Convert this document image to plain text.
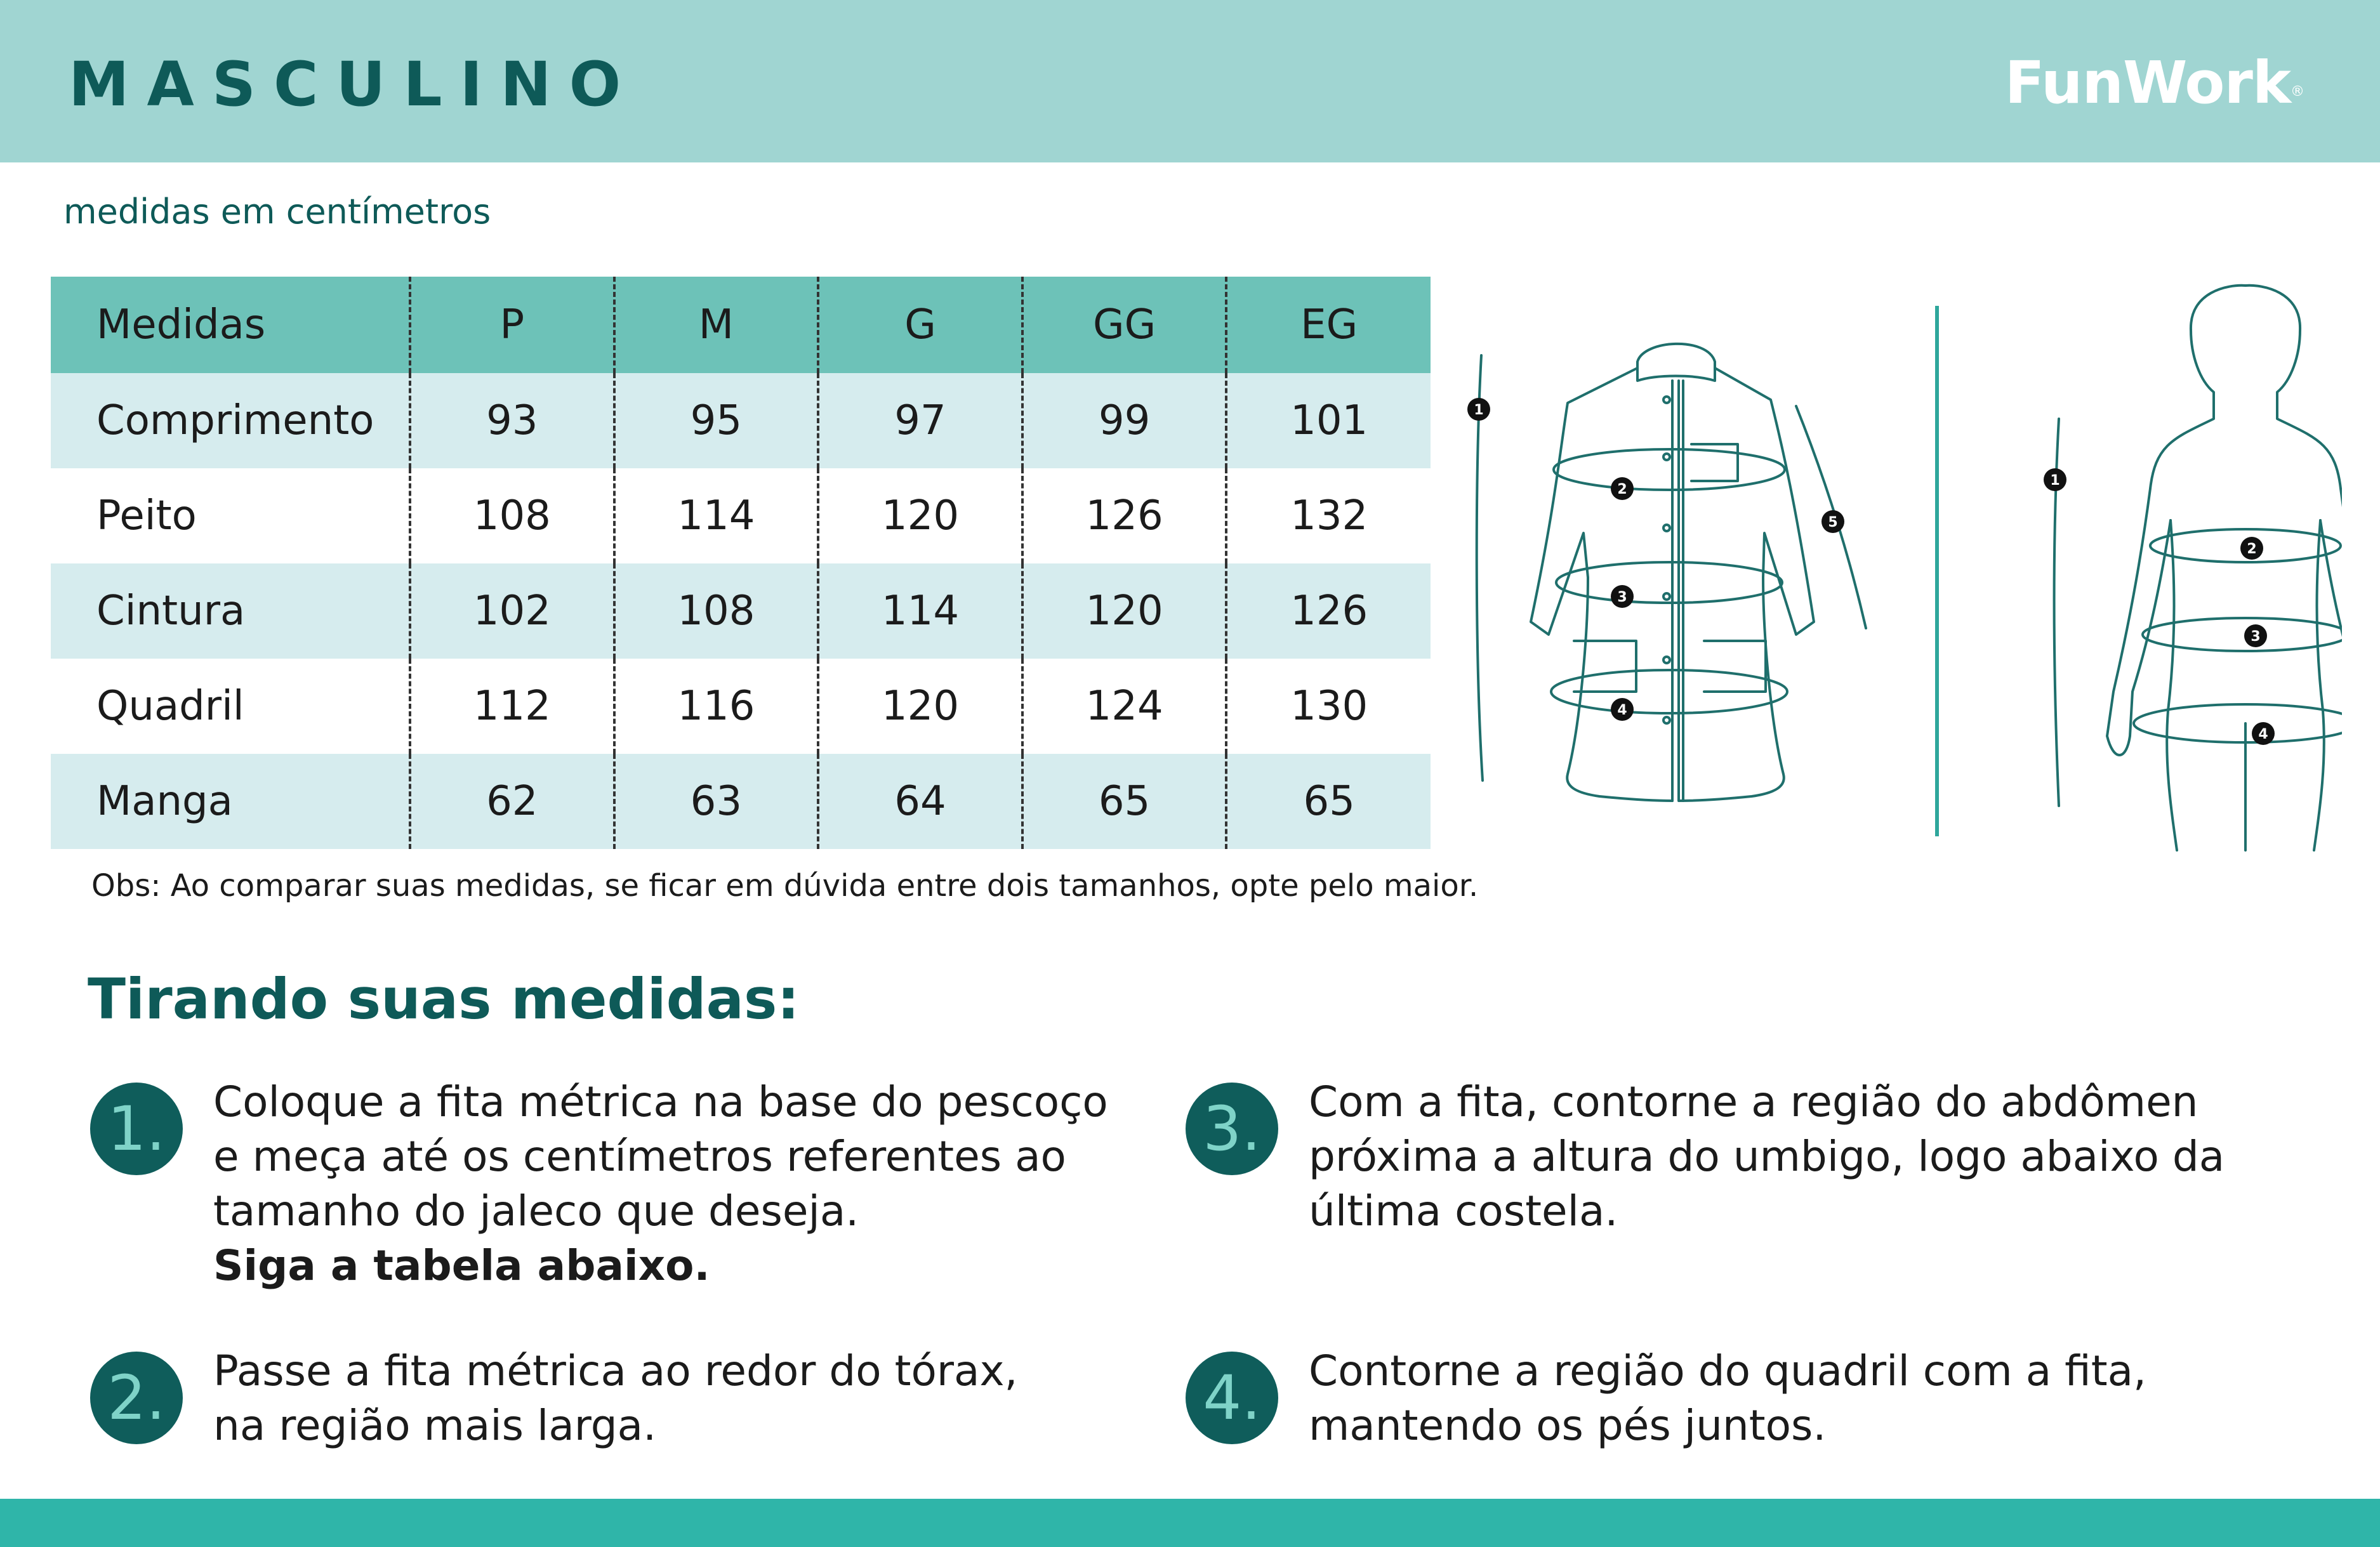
MASCULINO	FunWork®
medidas em centímetros
Medidas	P	M	G	GG	EG
Comprimento	93	95	97	99	101
Peito	108	114	120	126	132
Cintura	102	108	114	120	126
Quadril	112	116	120	124	130
Manga	62	63	64	65	65
Obs: Ao comparar suas medidas, se ficar em dúvida entre dois tamanhos, opte pelo maior.
1
2
3
4
5
1
2
3
4
Tirando suas medidas:
1.	Coloque a fita métrica na base do pescoço
e meça até os centímetros referentes ao
tamanho do jaleco que deseja.
Siga a tabela abaixo.
2.	Passe a fita métrica ao redor do tórax,
na região mais larga.
3.	Com a fita, contorne a região do abdômen
próxima a altura do umbigo, logo abaixo da
última costela.
4.	Contorne a região do quadril com a fita,
mantendo os pés juntos.
